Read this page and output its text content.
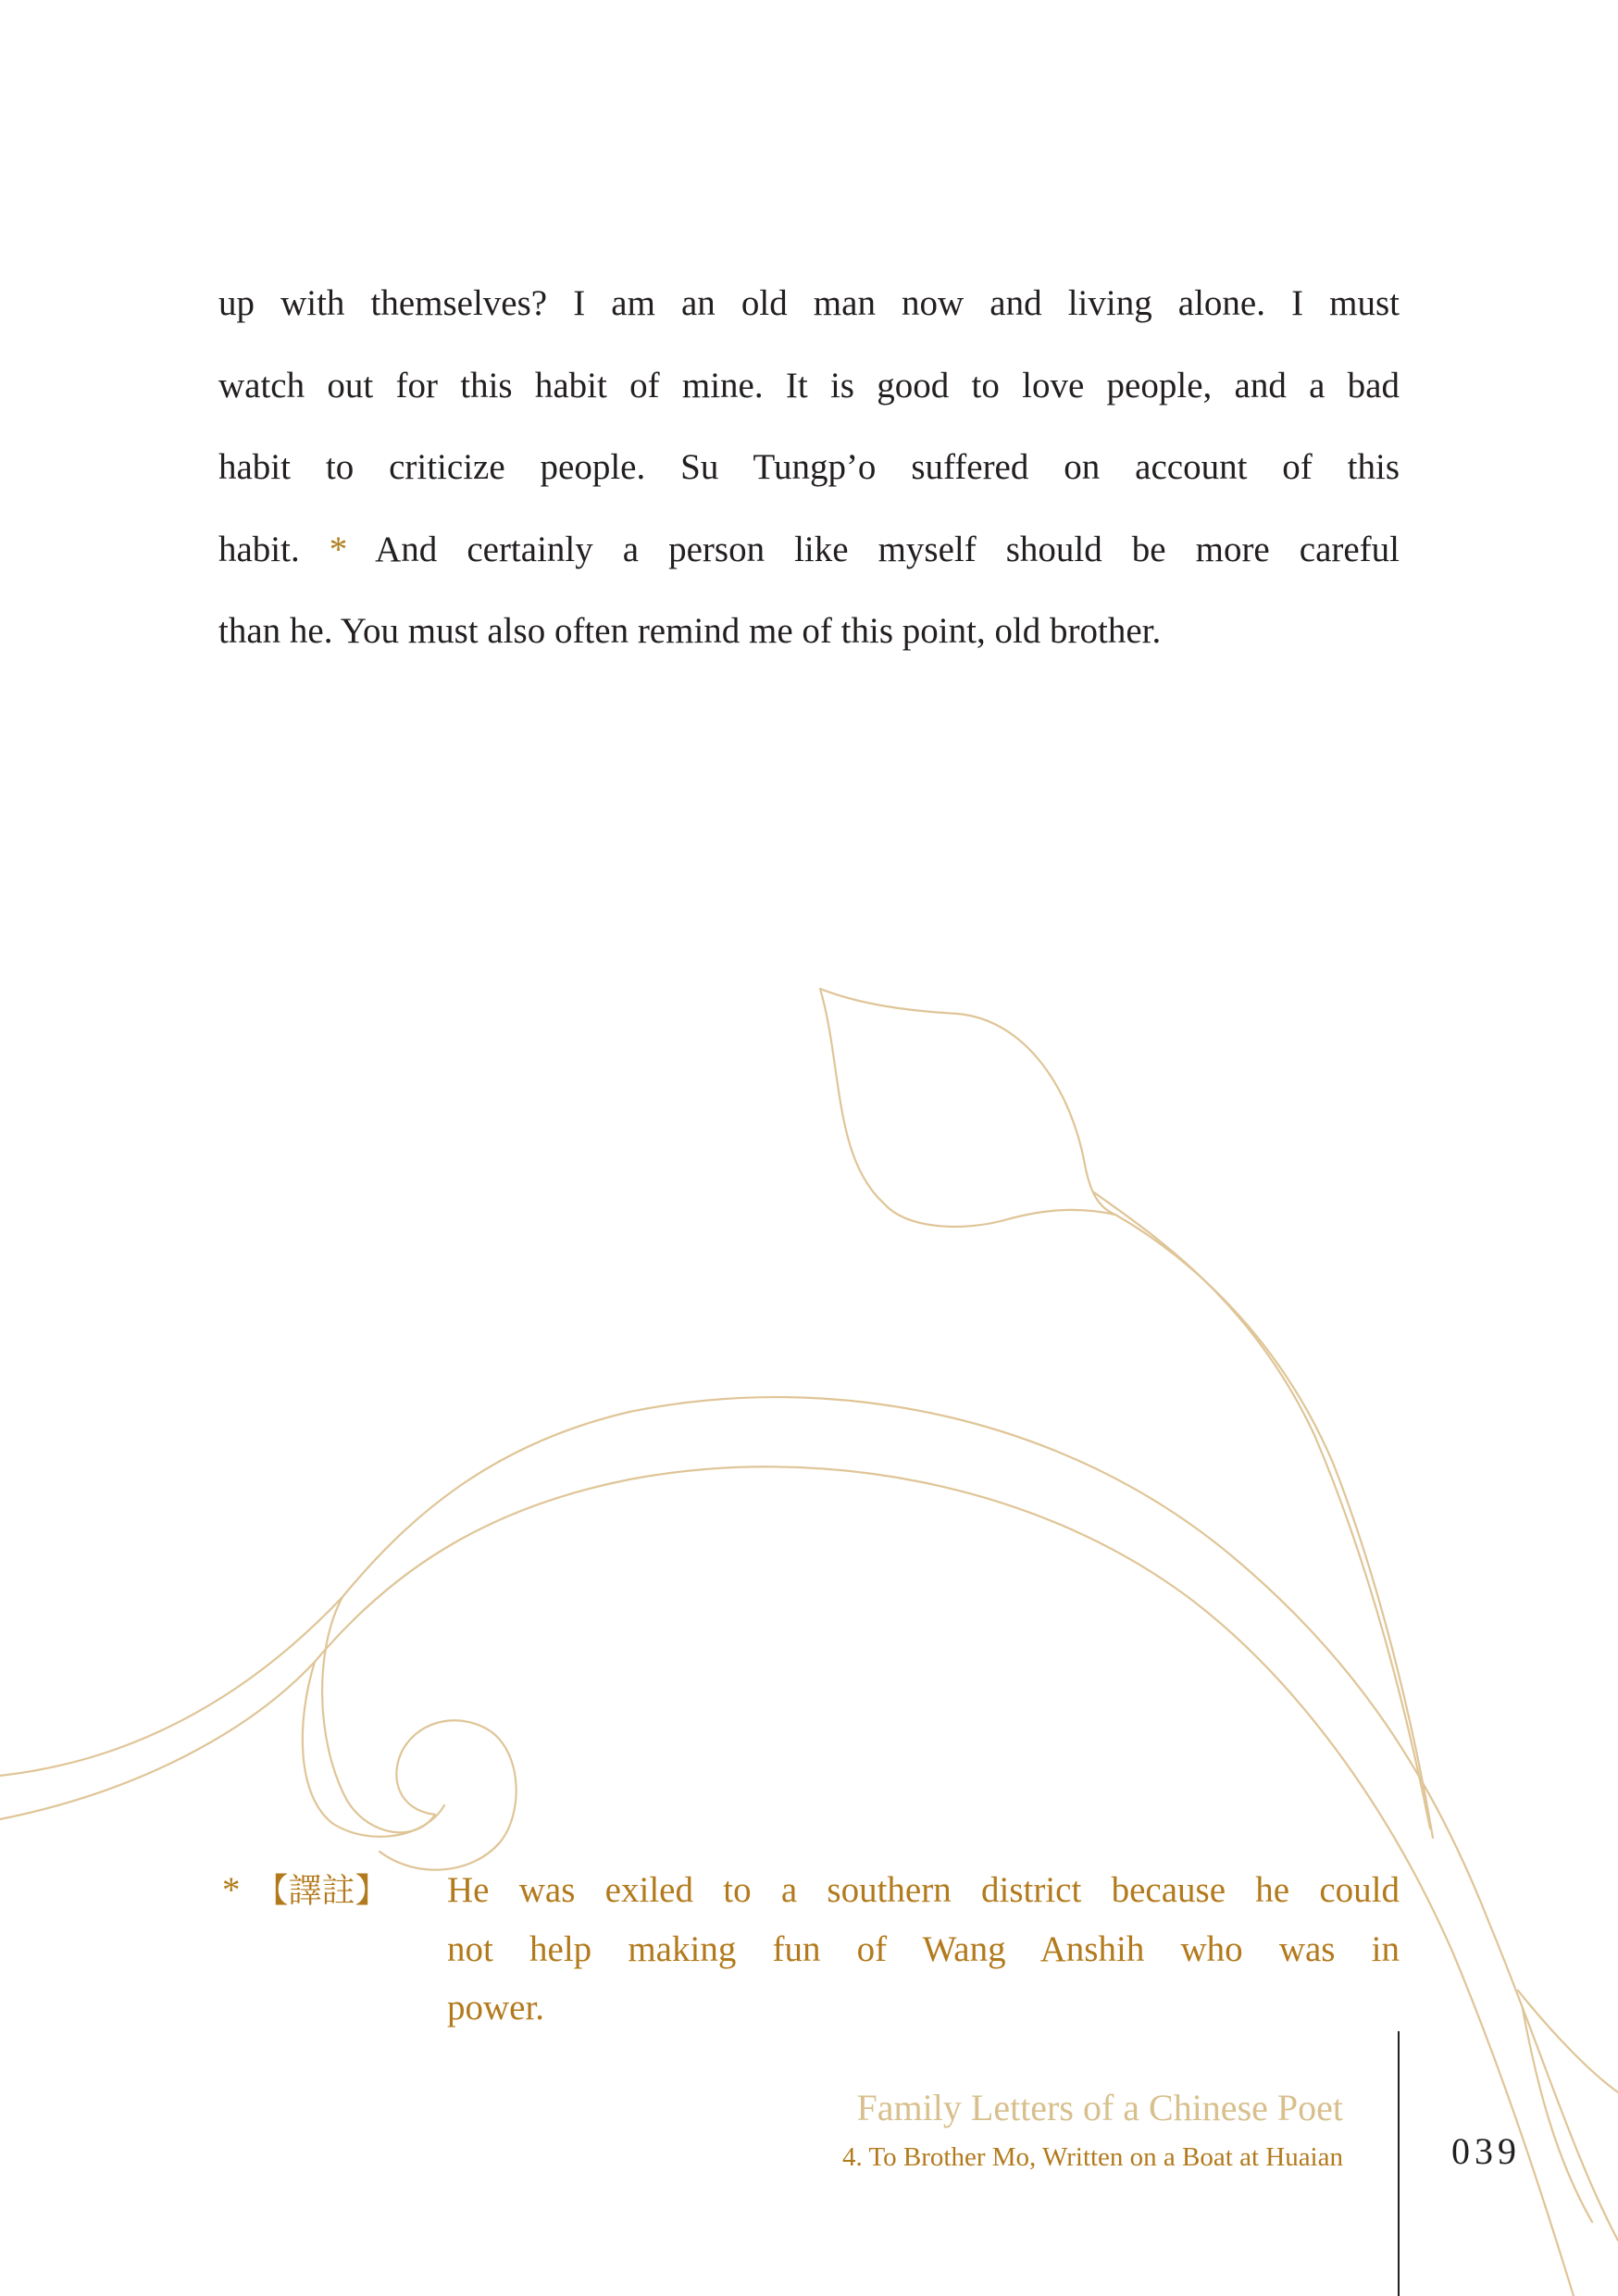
up with themselves? I am an old man now and living alone. I must
watch out for this habit of mine. It is good to love people, and a bad
habit to criticize people. Su Tungp’o suffered on account of this
habit. * And certainly a person like myself should be more careful
than he. You must also often remind me of this point, old brother.
* 【譯註】 He was exiled to a southern district because he could
not help making fun of Wang Anshih who was in
power.
Family Letters of a Chinese Poet
4. To Brother Mo, Written on a Boat at Huaian	039
